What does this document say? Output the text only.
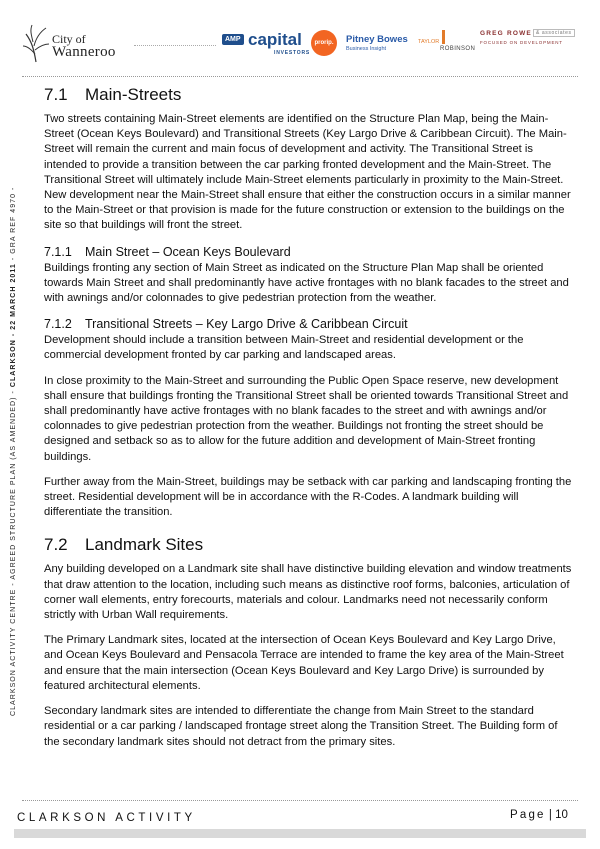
City of
Wanneroo
AMP capital
INVESTORS
prorip.	Pitney Bowes
Business Insight
TAYLOR
ROBINSON
GREG ROWE & associates
FOCUSED ON DEVELOPMENT
CLARKSON ACTIVITY CENTRE - AGREED STRUCTURE PLAN (AS AMENDED) - CLARKSON - 22 MARCH 2011 - GRA REF 4970 -
7.1 Main-Streets

Two streets containing Main-Street elements are identified on the Structure Plan Map, being the Main-Street (Ocean Keys Boulevard) and Transitional Streets (Key Largo Drive & Caribbean Circuit). The Main-Street will remain the current and main focus of development and activity. The Transitional Street is intended to provide a transition between the car parking fronted development and the Main-Street. The Transitional Street will ultimately include Main-Street elements particularly in proximity to the Main-Street. New development near the Main-Street shall ensure that either the construction occurs in a similar manner to the Main-Street or that provision is made for the future construction or extension to the buildings on the site so that buildings will front the street.

7.1.1 Main Street – Ocean Keys Boulevard

Buildings fronting any section of Main Street as indicated on the Structure Plan Map shall be oriented towards Main Street and shall predominantly have active frontages with no blank facades to the street and with awnings and/or colonnades to give pedestrian protection from the weather.

7.1.2 Transitional Streets – Key Largo Drive & Caribbean Circuit

Development should include a transition between Main-Street and residential development or the commercial development fronted by car parking and landscaped areas.

In close proximity to the Main-Street and surrounding the Public Open Space reserve, new development shall ensure that buildings fronting the Transitional Street shall be oriented towards Transitional Street and shall predominantly have active frontages with no blank facades to the street and with awnings and/or colonnades to give pedestrian protection from the weather. Buildings not fronting the street should be designed and setback so as to allow for the future addition and development of Main-Street fronting buildings.

Further away from the Main-Street, buildings may be setback with car parking and landscaping fronting the street. Residential development will be in accordance with the R-Codes. A landmark building will differentiate the transition.

7.2 Landmark Sites

Any building developed on a Landmark site shall have distinctive building elevation and window treatments that draw attention to the location, including such means as distinctive roof forms, balconies, articulation of corner wall elements, entry forecourts, materials and colour. Landmarks need not necessarily conform strictly with Urban Wall requirements.

The Primary Landmark sites, located at the intersection of Ocean Keys Boulevard and Key Largo Drive, and Ocean Keys Boulevard and Pensacola Terrace are intended to frame the key area of the Main-Street and ensure that the main intersection (Ocean Keys Boulevard and Key Largo Drive) is surrounded by featured architectural elements.

Secondary landmark sites are intended to differentiate the change from Main Street to the standard residential or a car parking / landscaped frontage street along the Transition Street. The Building form of the secondary landmark sites should not detract from the primary sites.

CLARKSON ACTIVITY	Page | 10
